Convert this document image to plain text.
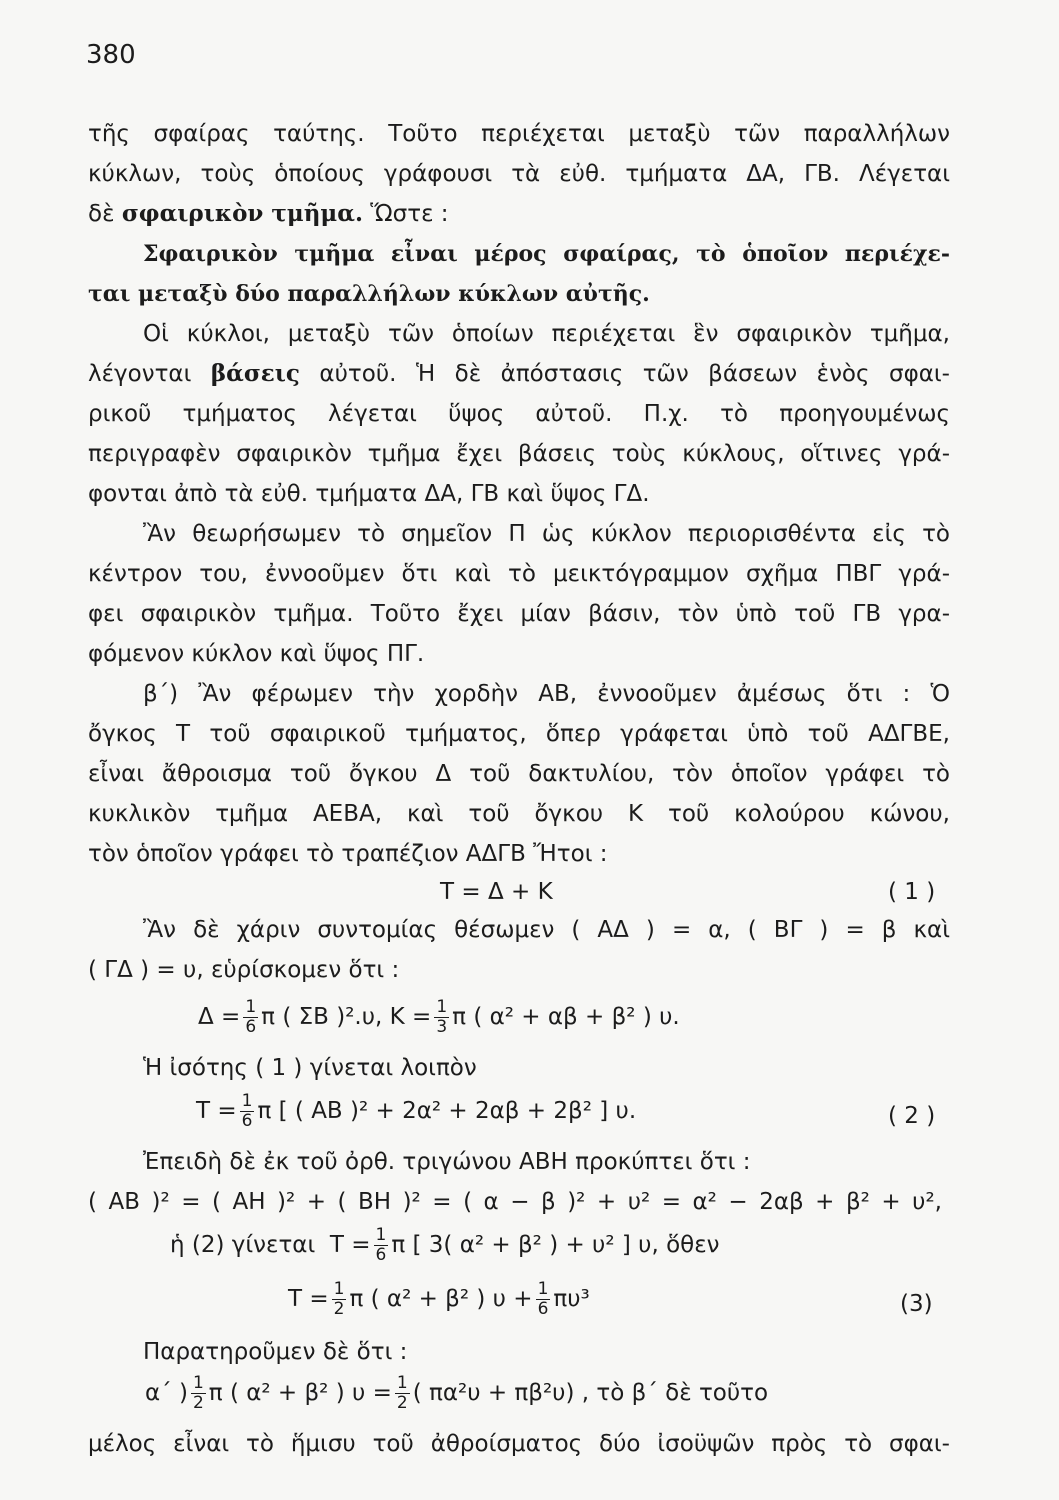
380
τῆς σφαίρας ταύτης. Τοῦτο περιέχεται μεταξὺ τῶν παραλλήλων
κύκλων, τοὺς ὁποίους γράφουσι τὰ εὐθ. τμήματα ΔΑ, ΓΒ. Λέγεται
δὲ σφαιρικὸν τμῆμα. Ὥστε :
Σφαιρικὸν τμῆμα εἶναι μέρος σφαίρας, τὸ ὁποῖον περιέχε-
ται μεταξὺ δύο παραλλήλων κύκλων αὐτῆς.
Οἱ κύκλοι, μεταξὺ τῶν ὁποίων περιέχεται ἓν σφαιρικὸν τμῆμα,
λέγονται βάσεις αὐτοῦ. Ἡ δὲ ἀπόστασις τῶν βάσεων ἑνὸς σφαι-
ρικοῦ τμήματος λέγεται ὕψος αὐτοῦ. Π.χ. τὸ προηγουμένως
περιγραφὲν σφαιρικὸν τμῆμα ἔχει βάσεις τοὺς κύκλους, οἵτινες γρά-
φονται ἀπὸ τὰ εὐθ. τμήματα ΔΑ, ΓΒ καὶ ὕψος ΓΔ.
Ἂν θεωρήσωμεν τὸ σημεῖον Π ὡς κύκλον περιορισθέντα εἰς τὸ
κέντρον του, ἐννοοῦμεν ὅτι καὶ τὸ μεικτόγραμμον σχῆμα ΠΒΓ γρά-
φει σφαιρικὸν τμῆμα. Τοῦτο ἔχει μίαν βάσιν, τὸν ὑπὸ τοῦ ΓΒ γρα-
φόμενον κύκλον καὶ ὕψος ΠΓ.
β΄) Ἂν φέρωμεν τὴν χορδὴν ΑΒ, ἐννοοῦμεν ἀμέσως ὅτι : Ὁ
ὄγκος Τ τοῦ σφαιρικοῦ τμήματος, ὅπερ γράφεται ὑπὸ τοῦ ΑΔΓΒΕ,
εἶναι ἄθροισμα τοῦ ὄγκου Δ τοῦ δακτυλίου, τὸν ὁποῖον γράφει τὸ
κυκλικὸν τμῆμα ΑΕΒΑ, καὶ τοῦ ὄγκου Κ τοῦ κολούρου κώνου,
τὸν ὁποῖον γράφει τὸ τραπέζιον ΑΔΓΒ Ἤτοι :
Τ = Δ + Κ	( 1 )
Ἂν δὲ χάριν συντομίας θέσωμεν ( ΑΔ ) = α, ( ΒΓ ) = β καὶ
( ΓΔ ) = υ, εὑρίσκομεν ὅτι :
$\Delta = \frac{1}{6}$ π ( ΣΒ )².υ, $K = \frac{1}{3}$ π ( α² + αβ + β² ) υ.
Ἡ ἰσότης ( 1 ) γίνεται λοιπὸν
$T = \frac{1}{6}$ π [ ( ΑΒ )² + 2α² + 2αβ + 2β² ] υ.	( 2 )
Ἐπειδὴ δὲ ἐκ τοῦ ὀρθ. τριγώνου ΑΒΗ προκύπτει ὅτι :
( ΑΒ )² = ( ΑΗ )² + ( ΒΗ )² = ( α − β )² + υ² = α² − 2αβ + β² + υ²,
ἡ (2) γίνεται $T = \frac{1}{6}$ π [ 3( α² + β² ) + υ² ] υ, ὅθεν
$T = \frac{1}{2}$ π ( α² + β² ) $\upsilon + \frac{1}{6} \pi\upsilon^3$	(3)
Παρατηροῦμεν δὲ ὅτι :
α΄ ) $\frac{1}{2}$ π ( α² + β² ) $\upsilon = \frac{1}{2}$ ( πα²υ + πβ²υ) , τὸ β΄ δὲ τοῦτο
μέλος εἶναι τὸ ἥμισυ τοῦ ἀθροίσματος δύο ἰσοϋψῶν πρὸς τὸ σφαι-
